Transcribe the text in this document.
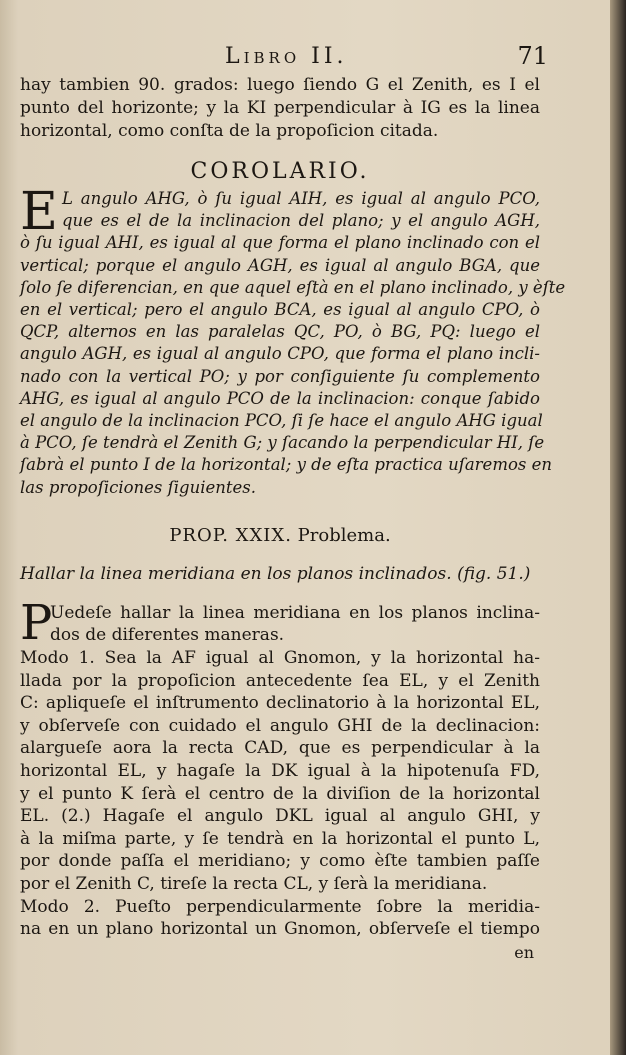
Libro II.	71

hay tambien 90. grados: luego ſiendo G el Zenith, es I el
punto del horizonte; y la KI perpendicular à IG es la linea
horizontal, como conſta de la propoſicion citada.

COROLARIO.
E L angulo AHG, ò ſu igual AIH, es igual al angulo PCO,
que es el de la inclinacion del plano; y el angulo AGH,
ò ſu igual AHI, es igual al que forma el plano inclinado con el
vertical; porque el angulo AGH, es igual al angulo BGA, que
ſolo ſe diferencian, en que aquel eſtà en el plano inclinado, y èſte
en el vertical; pero el angulo BCA, es igual al angulo CPO, ò
QCP, alternos en las paralelas QC, PO, ò BG, PQ: luego el
angulo AGH, es igual al angulo CPO, que forma el plano incli-
nado con la vertical PO; y por conſiguiente ſu complemento
AHG, es igual al angulo PCO de la inclinacion: conque ſabido
el angulo de la inclinacion PCO, ſi ſe hace el angulo AHG igual
à PCO, ſe tendrà el Zenith G; y ſacando la perpendicular HI, ſe
ſabrà el punto I de la horizontal; y de eſta practica uſaremos en
las propoſiciones ſiguientes.
PROP. XXIX. Problema.
Hallar la linea meridiana en los planos inclinados. (fig. 51.)
P
Uedeſe hallar la linea meridiana en los planos inclina-
dos de diferentes maneras.
Modo 1. Sea la AF igual al Gnomon, y la horizontal ha-
llada por la propoſicion antecedente ſea EL, y el Zenith
C: apliqueſe el inſtrumento declinatorio à la horizontal EL,
y obſerveſe con cuidado el angulo GHI de la declinacion:
alargueſe aora la recta CAD, que es perpendicular à la
horizontal EL, y hagaſe la DK igual à la hipotenuſa FD,
y el punto K ſerà el centro de la diviſion de la horizontal
EL. (2.) Hagaſe el angulo DKL igual al angulo GHI, y
à la miſma parte, y ſe tendrà en la horizontal el punto L,
por donde paſſa el meridiano; y como èſte tambien paſſe
por el Zenith C, tireſe la recta CL, y ſerà la meridiana.
Modo 2. Pueſto perpendicularmente ſobre la meridia-
na en un plano horizontal un Gnomon, obſerveſe el tiempo
en
